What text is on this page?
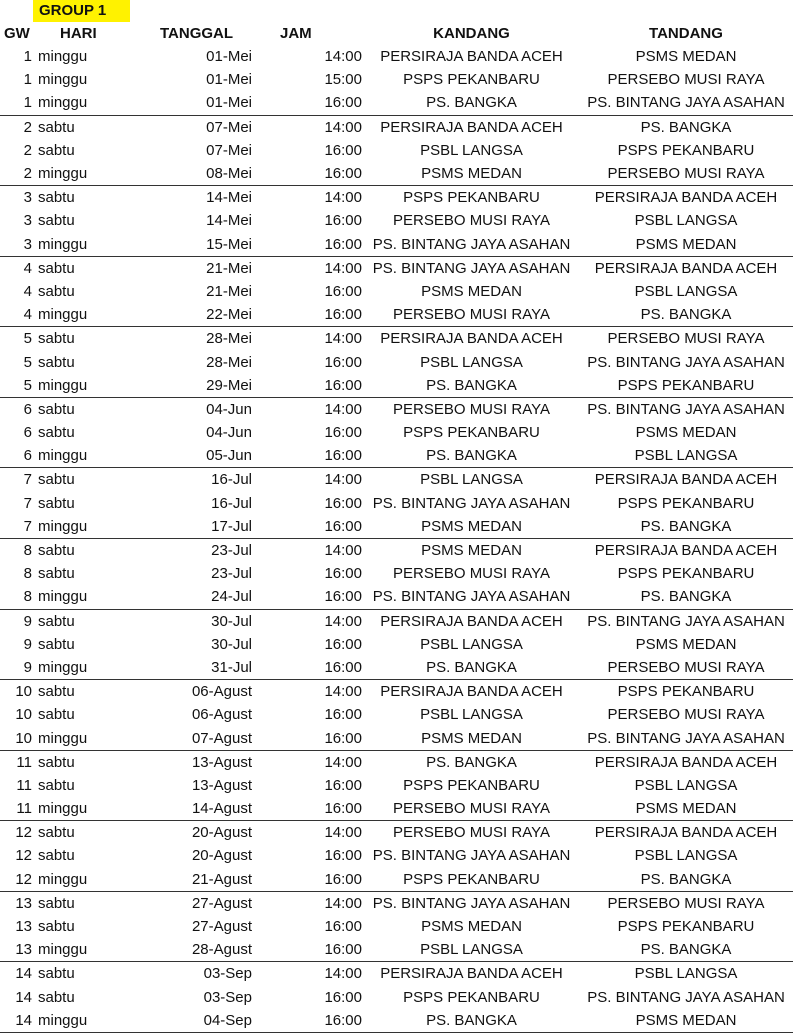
GROUP 1
GW	HARI	TANGGAL	JAM	KANDANG	TANDANG
1	minggu	01-Mei	14:00	PERSIRAJA BANDA ACEH	PSMS MEDAN
1	minggu	01-Mei	15:00	PSPS PEKANBARU	PERSEBO MUSI RAYA
1	minggu	01-Mei	16:00	PS. BANGKA	PS. BINTANG JAYA ASAHAN
2	sabtu	07-Mei	14:00	PERSIRAJA BANDA ACEH	PS. BANGKA
2	sabtu	07-Mei	16:00	PSBL LANGSA	PSPS PEKANBARU
2	minggu	08-Mei	16:00	PSMS MEDAN	PERSEBO MUSI RAYA
3	sabtu	14-Mei	14:00	PSPS PEKANBARU	PERSIRAJA BANDA ACEH
3	sabtu	14-Mei	16:00	PERSEBO MUSI RAYA	PSBL LANGSA
3	minggu	15-Mei	16:00	PS. BINTANG JAYA ASAHAN	PSMS MEDAN
4	sabtu	21-Mei	14:00	PS. BINTANG JAYA ASAHAN	PERSIRAJA BANDA ACEH
4	sabtu	21-Mei	16:00	PSMS MEDAN	PSBL LANGSA
4	minggu	22-Mei	16:00	PERSEBO MUSI RAYA	PS. BANGKA
5	sabtu	28-Mei	14:00	PERSIRAJA BANDA ACEH	PERSEBO MUSI RAYA
5	sabtu	28-Mei	16:00	PSBL LANGSA	PS. BINTANG JAYA ASAHAN
5	minggu	29-Mei	16:00	PS. BANGKA	PSPS PEKANBARU
6	sabtu	04-Jun	14:00	PERSEBO MUSI RAYA	PS. BINTANG JAYA ASAHAN
6	sabtu	04-Jun	16:00	PSPS PEKANBARU	PSMS MEDAN
6	minggu	05-Jun	16:00	PS. BANGKA	PSBL LANGSA
7	sabtu	16-Jul	14:00	PSBL LANGSA	PERSIRAJA BANDA ACEH
7	sabtu	16-Jul	16:00	PS. BINTANG JAYA ASAHAN	PSPS PEKANBARU
7	minggu	17-Jul	16:00	PSMS MEDAN	PS. BANGKA
8	sabtu	23-Jul	14:00	PSMS MEDAN	PERSIRAJA BANDA ACEH
8	sabtu	23-Jul	16:00	PERSEBO MUSI RAYA	PSPS PEKANBARU
8	minggu	24-Jul	16:00	PS. BINTANG JAYA ASAHAN	PS. BANGKA
9	sabtu	30-Jul	14:00	PERSIRAJA BANDA ACEH	PS. BINTANG JAYA ASAHAN
9	sabtu	30-Jul	16:00	PSBL LANGSA	PSMS MEDAN
9	minggu	31-Jul	16:00	PS. BANGKA	PERSEBO MUSI RAYA
10	sabtu	06-Agust	14:00	PERSIRAJA BANDA ACEH	PSPS PEKANBARU
10	sabtu	06-Agust	16:00	PSBL LANGSA	PERSEBO MUSI RAYA
10	minggu	07-Agust	16:00	PSMS MEDAN	PS. BINTANG JAYA ASAHAN
11	sabtu	13-Agust	14:00	PS. BANGKA	PERSIRAJA BANDA ACEH
11	sabtu	13-Agust	16:00	PSPS PEKANBARU	PSBL LANGSA
11	minggu	14-Agust	16:00	PERSEBO MUSI RAYA	PSMS MEDAN
12	sabtu	20-Agust	14:00	PERSEBO MUSI RAYA	PERSIRAJA BANDA ACEH
12	sabtu	20-Agust	16:00	PS. BINTANG JAYA ASAHAN	PSBL LANGSA
12	minggu	21-Agust	16:00	PSPS PEKANBARU	PS. BANGKA
13	sabtu	27-Agust	14:00	PS. BINTANG JAYA ASAHAN	PERSEBO MUSI RAYA
13	sabtu	27-Agust	16:00	PSMS MEDAN	PSPS PEKANBARU
13	minggu	28-Agust	16:00	PSBL LANGSA	PS. BANGKA
14	sabtu	03-Sep	14:00	PERSIRAJA BANDA ACEH	PSBL LANGSA
14	sabtu	03-Sep	16:00	PSPS PEKANBARU	PS. BINTANG JAYA ASAHAN
14	minggu	04-Sep	16:00	PS. BANGKA	PSMS MEDAN
